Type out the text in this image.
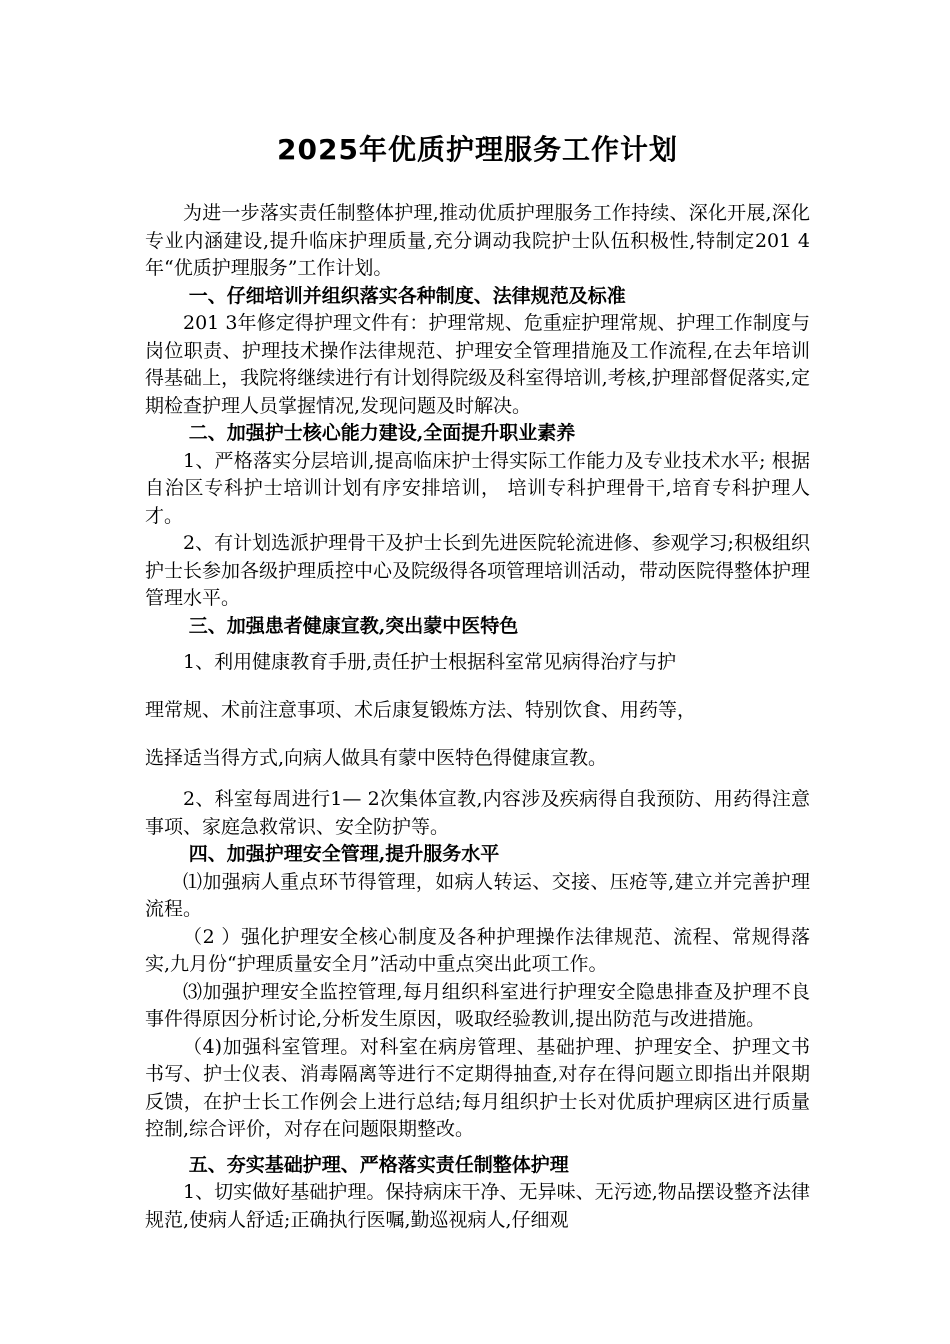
2025年优质护理服务工作计划

为进一步落实责任制整体护理,推动优质护理服务工作持续、深化开展,深化专业内涵建设,提升临床护理质量,充分调动我院护士队伍积极性,特制定201 4年“优质护理服务”工作计划。

一、仔细培训并组织落实各种制度、法律规范及标准

201 3年修定得护理文件有：护理常规、危重症护理常规、护理工作制度与岗位职责、护理技术操作法律规范、护理安全管理措施及工作流程,在去年培训得基础上，我院将继续进行有计划得院级及科室得培训,考核,护理部督促落实,定期检查护理人员掌握情况,发现问题及时解决。

二、加强护士核心能力建设,全面提升职业素养

1、严格落实分层培训,提高临床护士得实际工作能力及专业技术水平; 根据自治区专科护士培训计划有序安排培训， 培训专科护理骨干,培育专科护理人才。

2、有计划选派护理骨干及护士长到先进医院轮流进修、参观学习;积极组织护士长参加各级护理质控中心及院级得各项管理培训活动，带动医院得整体护理管理水平。

三、加强患者健康宣教,突出蒙中医特色

1、利用健康教育手册,责任护士根据科室常见病得治疗与护

理常规、术前注意事项、术后康复锻炼方法、特别饮食、用药等，

选择适当得方式,向病人做具有蒙中医特色得健康宣教。

2、科室每周进行1— 2次集体宣教,内容涉及疾病得自我预防、用药得注意事项、家庭急救常识、安全防护等。

四、加强护理安全管理,提升服务水平

⑴加强病人重点环节得管理，如病人转运、交接、压疮等,建立并完善护理流程。

（2 ）强化护理安全核心制度及各种护理操作法律规范、流程、常规得落实,九月份“护理质量安全月”活动中重点突出此项工作。

⑶加强护理安全监控管理,每月组织科室进行护理安全隐患排查及护理不良事件得原因分析讨论,分析发生原因，吸取经验教训,提出防范与改进措施。

（4)加强科室管理。对科室在病房管理、基础护理、护理安全、护理文书书写、护士仪表、消毒隔离等进行不定期得抽查,对存在得问题立即指出并限期反馈，在护士长工作例会上进行总结;每月组织护士长对优质护理病区进行质量控制,综合评价，对存在问题限期整改。

五、夯实基础护理、严格落实责任制整体护理

1、切实做好基础护理。保持病床干净、无异味、无污迹,物品摆设整齐法律规范,使病人舒适;正确执行医嘱,勤巡视病人,仔细观
